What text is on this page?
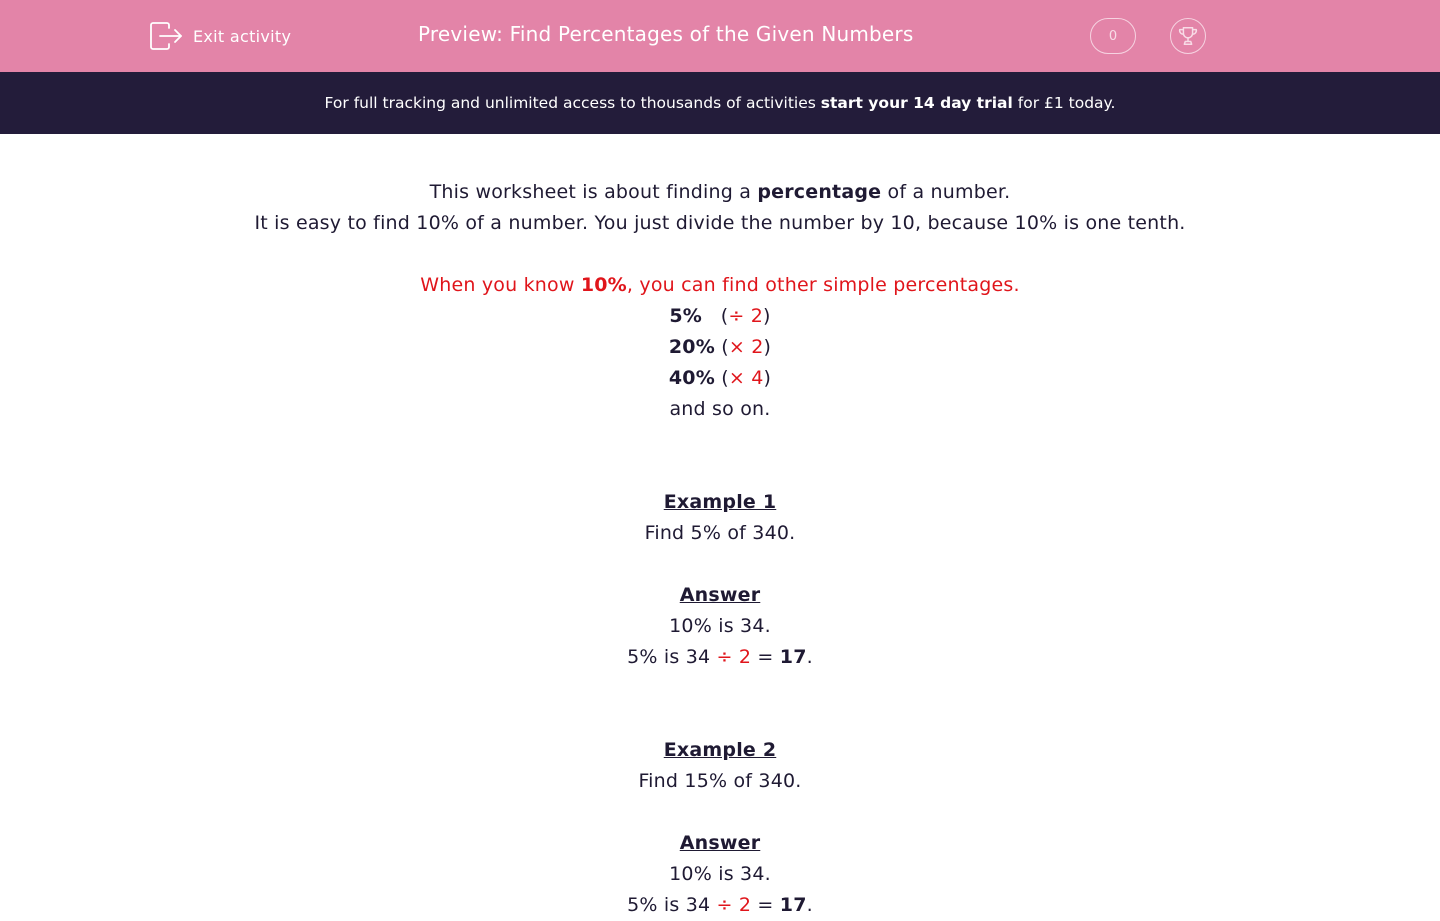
Exit activity	Preview: Find Percentages of the Given Numbers	0
For full tracking and unlimited access to thousands of activities start your 14 day trial for £1 today.
This worksheet is about finding a percentage of a number.
It is easy to find 10% of a number. You just divide the number by 10, because 10% is one tenth.
When you know 10%, you can find other simple percentages.
5% (÷ 2)
20% (× 2)
40% (× 4)
and so on.
Example 1
Find 5% of 340.
Answer
10% is 34.
5% is 34 ÷ 2 = 17.
Example 2
Find 15% of 340.
Answer
10% is 34.
5% is 34 ÷ 2 = 17.
